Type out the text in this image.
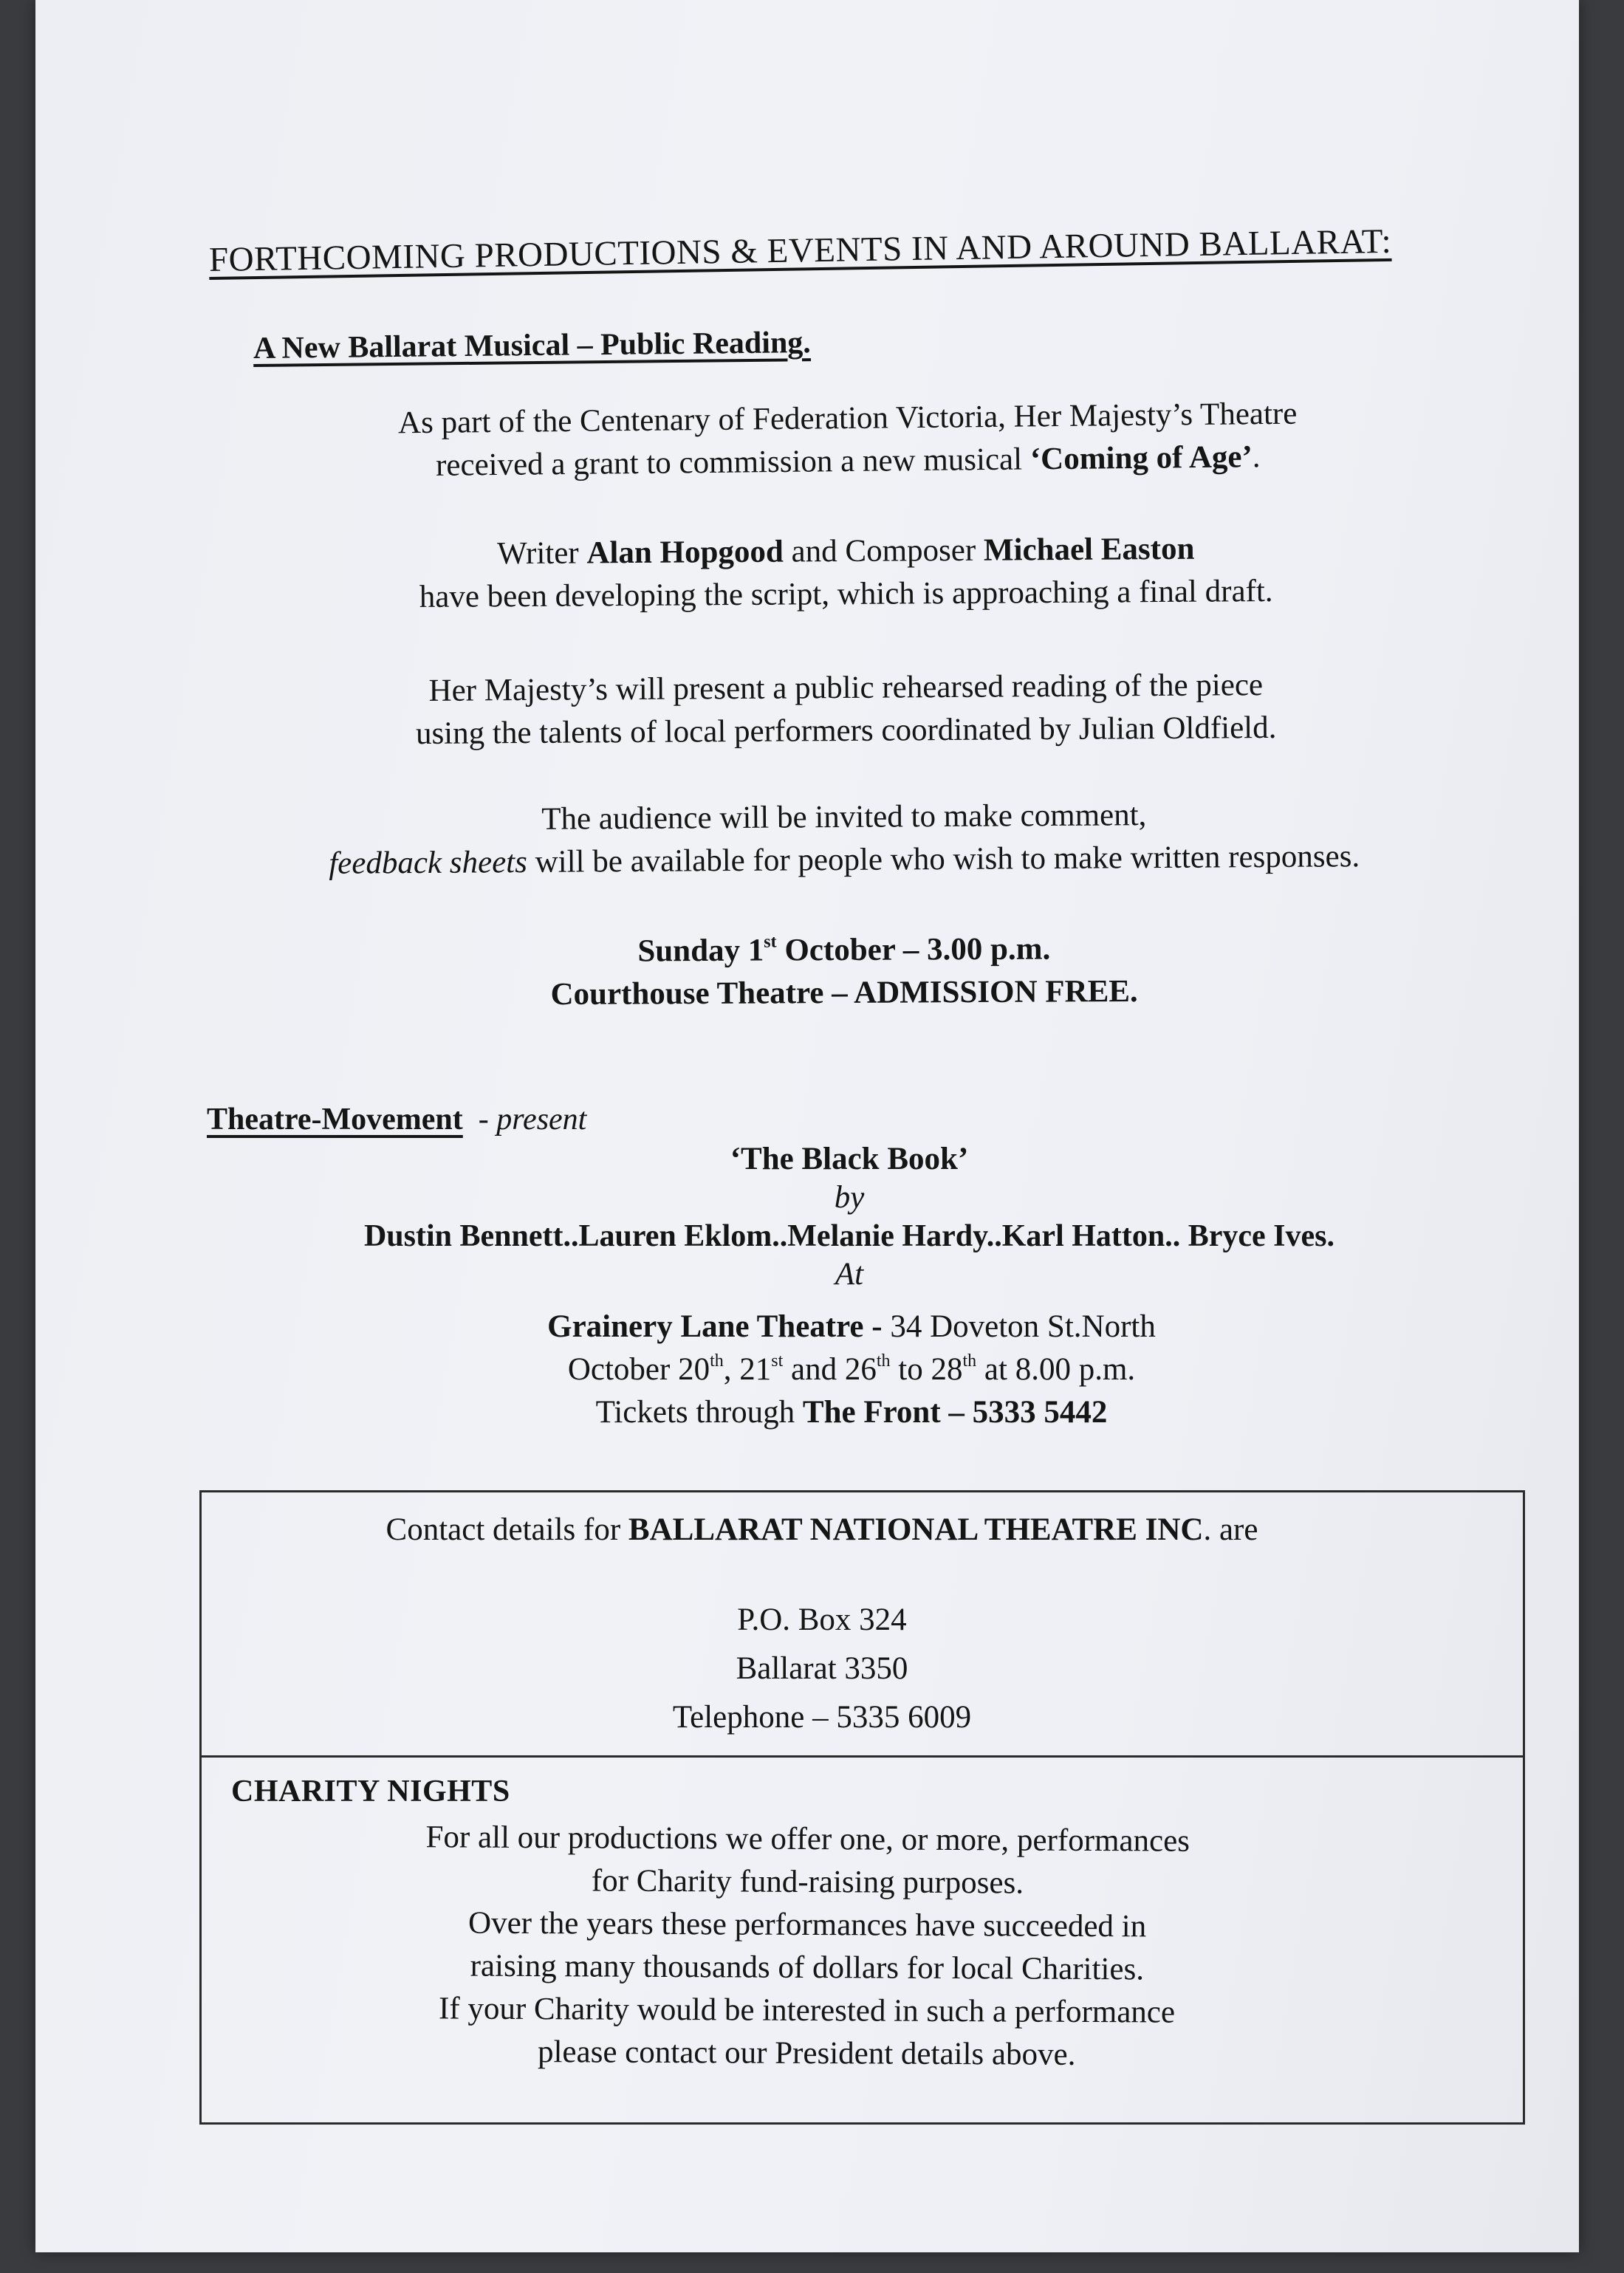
FORTHCOMING PRODUCTIONS & EVENTS IN AND AROUND BALLARAT:
A New Ballarat Musical – Public Reading.
As part of the Centenary of Federation Victoria, Her Majesty’s Theatre
received a grant to commission a new musical ‘Coming of Age’.
Writer Alan Hopgood and Composer Michael Easton
have been developing the script, which is approaching a final draft.
Her Majesty’s will present a public rehearsed reading of the piece
using the talents of local performers coordinated by Julian Oldfield.
The audience will be invited to make comment,
feedback sheets will be available for people who wish to make written responses.
Sunday 1st October – 3.00 p.m.
Courthouse Theatre – ADMISSION FREE.
Theatre-Movement  - present
‘The Black Book’
by
Dustin Bennett..Lauren Eklom..Melanie Hardy..Karl Hatton.. Bryce Ives.
At
Grainery Lane Theatre - 34 Doveton St.North
October 20th, 21st and 26th to 28th at 8.00 p.m.
Tickets through The Front – 5333 5442
Contact details for BALLARAT NATIONAL THEATRE INC. are
P.O. Box 324
Ballarat 3350
Telephone – 5335 6009
CHARITY NIGHTS
For all our productions we offer one, or more, performances
for Charity fund-raising purposes.
Over the years these performances have succeeded in
raising many thousands of dollars for local Charities.
If your Charity would be interested in such a performance
please contact our President details above.
